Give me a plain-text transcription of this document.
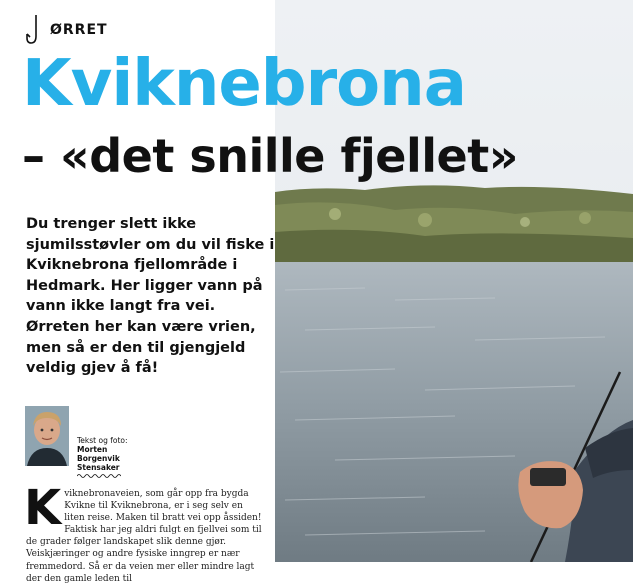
ØRRET
Kviknebrona
– «det snille fjellet»

Du trenger slett ikke sjumilsstøvler om du vil fiske i Kviknebrona fjellområde i Hedmark. Her ligger vann på vann ikke langt fra vei. Ørreten her kan være vrien, men så er den til gjengjeld veldig gjev å få!

Tekst og foto:
Morten
Borgenvik
Stensaker

Kviknebronaveien, som går opp fra bygda Kvikne til Kviknebrona, er i seg selv en liten reise. Maken til bratt vei opp åssiden! Faktisk har jeg aldri fulgt en fjellvei som til de grader følger landskapet slik denne gjør. Veiskjæringer og andre fysiske inngrep er nær fremmedord. Så er da veien mer eller mindre lagt der den gamle leden til
